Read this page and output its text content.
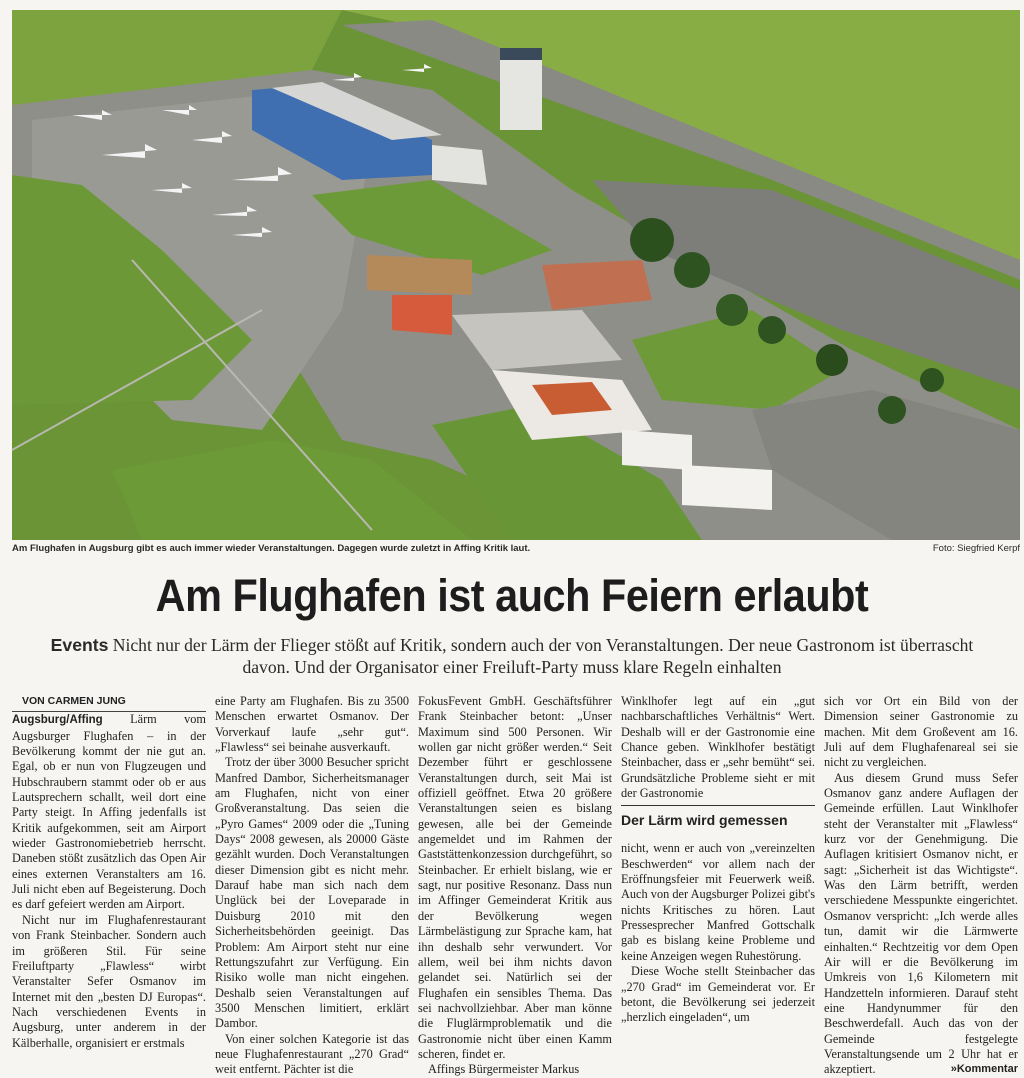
Am Flughafen in Augsburg gibt es auch immer wieder Veranstaltungen. Dagegen wurde zuletzt in Affing Kritik laut.	Foto: Siegfried Kerpf
Am Flughafen ist auch Feiern erlaubt
Events Nicht nur der Lärm der Flieger stößt auf Kritik, sondern auch der von Veranstaltungen. Der neue Gastronom ist überrascht davon. Und der Organisator einer Freiluft-Party muss klare Regeln einhalten

VON CARMEN JUNG

Augsburg/Affing Lärm vom Augsburger Flughafen – in der Bevölkerung kommt der nie gut an. Egal, ob er nun von Flugzeugen und Hubschraubern stammt oder ob er aus Lautsprechern schallt, weil dort eine Party steigt. In Affing jedenfalls ist Kritik aufgekommen, seit am Airport wieder Gastronomiebetrieb herrscht. Daneben stößt zusätzlich das Open Air eines externen Veranstalters am 16. Juli nicht eben auf Begeisterung. Doch es darf gefeiert werden am Airport.

Nicht nur im Flughafenrestaurant von Frank Steinbacher. Sondern auch im größeren Stil. Für seine Freiluftparty „Flawless“ wirbt Veranstalter Sefer Osmanov im Internet mit den „besten DJ Europas“. Nach verschiedenen Events in Augsburg, unter anderem in der Kälberhalle, organisiert er erstmals

eine Party am Flughafen. Bis zu 3500 Menschen erwartet Osmanov. Der Vorverkauf laufe „sehr gut“. „Flawless“ sei beinahe ausverkauft.

Trotz der über 3000 Besucher spricht Manfred Dambor, Sicherheitsmanager am Flughafen, nicht von einer Großveranstaltung. Das seien die „Pyro Games“ 2009 oder die „Tuning Days“ 2008 gewesen, als 20000 Gäste gezählt wurden. Doch Veranstaltungen dieser Dimension gibt es nicht mehr. Darauf habe man sich nach dem Unglück bei der Loveparade in Duisburg 2010 mit den Sicherheitsbehörden geeinigt. Das Problem: Am Airport steht nur eine Rettungszufahrt zur Verfügung. Ein Risiko wolle man nicht eingehen. Deshalb seien Veranstaltungen auf 3500 Menschen limitiert, erklärt Dambor.

Von einer solchen Kategorie ist das neue Flughafenrestaurant „270 Grad“ weit entfernt. Pächter ist die

FokusFevent GmbH. Geschäftsführer Frank Steinbacher betont: „Unser Maximum sind 500 Personen. Wir wollen gar nicht größer werden.“ Seit Dezember führt er geschlossene Veranstaltungen durch, seit Mai ist offiziell geöffnet. Etwa 20 größere Veranstaltungen seien es bislang gewesen, alle bei der Gemeinde angemeldet und im Rahmen der Gaststättenkonzession durchgeführt, so Steinbacher. Er erhielt bislang, wie er sagt, nur positive Resonanz. Dass nun im Affinger Gemeinderat Kritik aus der Bevölkerung wegen Lärmbelästigung zur Sprache kam, hat ihn deshalb sehr verwundert. Vor allem, weil bei ihm nichts davon gelandet sei. Natürlich sei der Flughafen ein sensibles Thema. Das sei nachvollziehbar. Aber man könne die Fluglärmproblematik und die Gastronomie nicht über einen Kamm scheren, findet er.

Affings Bürgermeister Markus

Winklhofer legt auf ein „gut nachbarschaftliches Verhältnis“ Wert. Deshalb will er der Gastronomie eine Chance geben. Winklhofer bestätigt Steinbacher, dass er „sehr bemüht“ sei. Grundsätzliche Probleme sieht er mit der Gastronomie

Der Lärm wird gemessen

nicht, wenn er auch von „vereinzelten Beschwerden“ vor allem nach der Eröffnungsfeier mit Feuerwerk weiß. Auch von der Augsburger Polizei gibt's nichts Kritisches zu hören. Laut Pressesprecher Manfred Gottschalk gab es bislang keine Probleme und keine Anzeigen wegen Ruhestörung.

Diese Woche stellt Steinbacher das „270 Grad“ im Gemeinderat vor. Er betont, die Bevölkerung sei jederzeit „herzlich eingeladen“, um

sich vor Ort ein Bild von der Dimension seiner Gastronomie zu machen. Mit dem Großevent am 16. Juli auf dem Flughafenareal sei sie nicht zu vergleichen.

Aus diesem Grund muss Sefer Osmanov ganz andere Auflagen der Gemeinde erfüllen. Laut Winklhofer steht der Veranstalter mit „Flawless“ kurz vor der Genehmigung. Die Auflagen kritisiert Osmanov nicht, er sagt: „Sicherheit ist das Wichtigste“. Was den Lärm betrifft, werden verschiedene Messpunkte eingerichtet. Osmanov verspricht: „Ich werde alles tun, damit wir die Lärmwerte einhalten.“ Rechtzeitig vor dem Open Air will er die Bevölkerung im Umkreis von 1,6 Kilometern mit Handzetteln informieren. Darauf steht eine Handynummer für den Beschwerdefall. Auch das von der Gemeinde festgelegte Veranstaltungsende um 2 Uhr hat er akzeptiert.	»Kommentar
